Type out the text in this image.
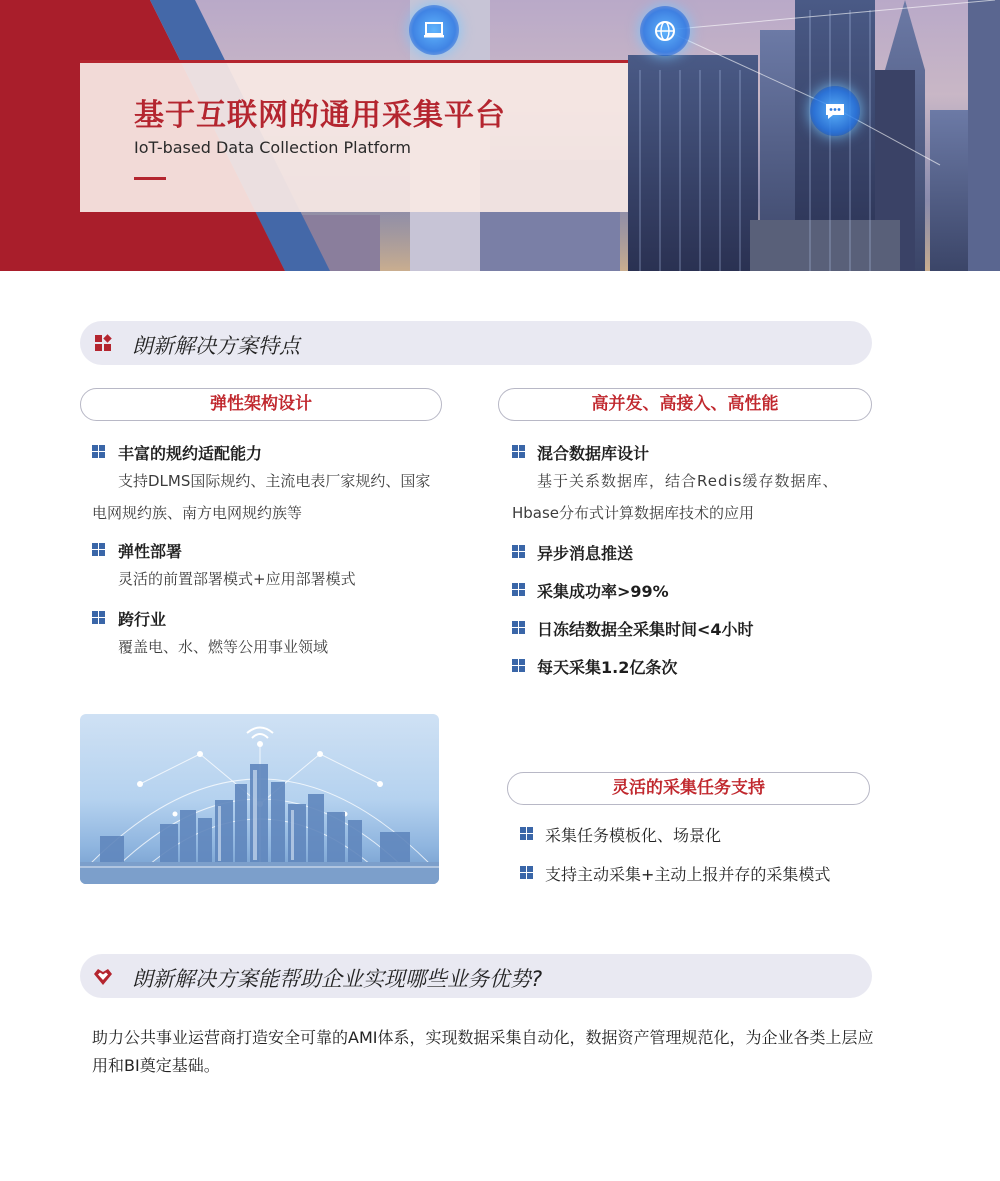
基于互联网的通用采集平台
IoT-based Data Collection Platform
朗新解决方案特点
弹性架构设计
丰富的规约适配能力
支持DLMS国际规约、主流电表厂家规约、国家
电网规约族、南方电网规约族等
弹性部署
灵活的前置部署模式+应用部署模式
跨行业
覆盖电、水、燃等公用事业领域
高并发、高接入、高性能
混合数据库设计
基于关系数据库，结合Redis缓存数据库、
Hbase分布式计算数据库技术的应用
异步消息推送
采集成功率>99%
日冻结数据全采集时间<4小时
每天采集1.2亿条次
灵活的采集任务支持
采集任务模板化、场景化
支持主动采集+主动上报并存的采集模式
朗新解决方案能帮助企业实现哪些业务优势?
助力公共事业运营商打造安全可靠的AMI体系，实现数据采集自动化，数据资产管理规范化，为企业各类上层应用和BI奠定基础。
